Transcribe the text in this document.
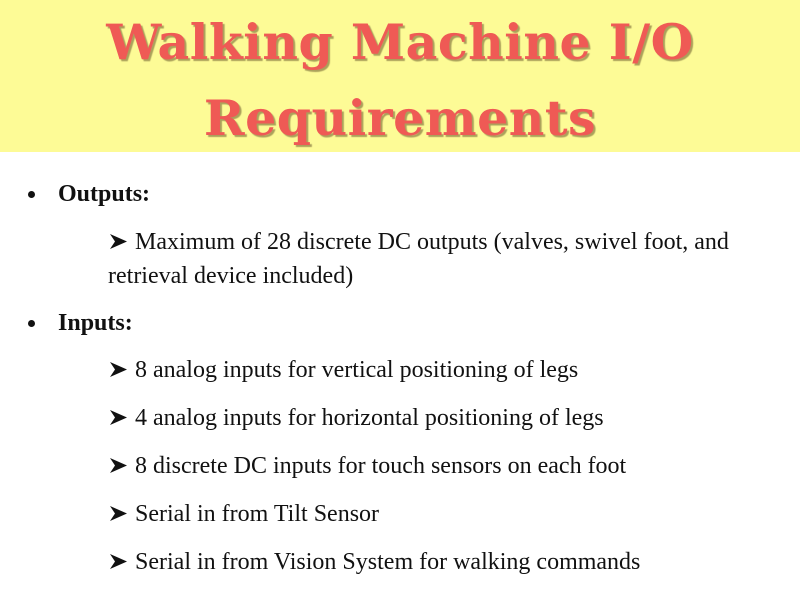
Walking Machine I/O
Requirements
Outputs:
Maximum of 28 discrete DC outputs (valves, swivel foot, and retrieval device included)
Inputs:
8 analog inputs for vertical positioning of legs
4 analog inputs for horizontal positioning of legs
8 discrete DC inputs for touch sensors on each foot
Serial in from Tilt Sensor
Serial in from Vision System for walking commands
